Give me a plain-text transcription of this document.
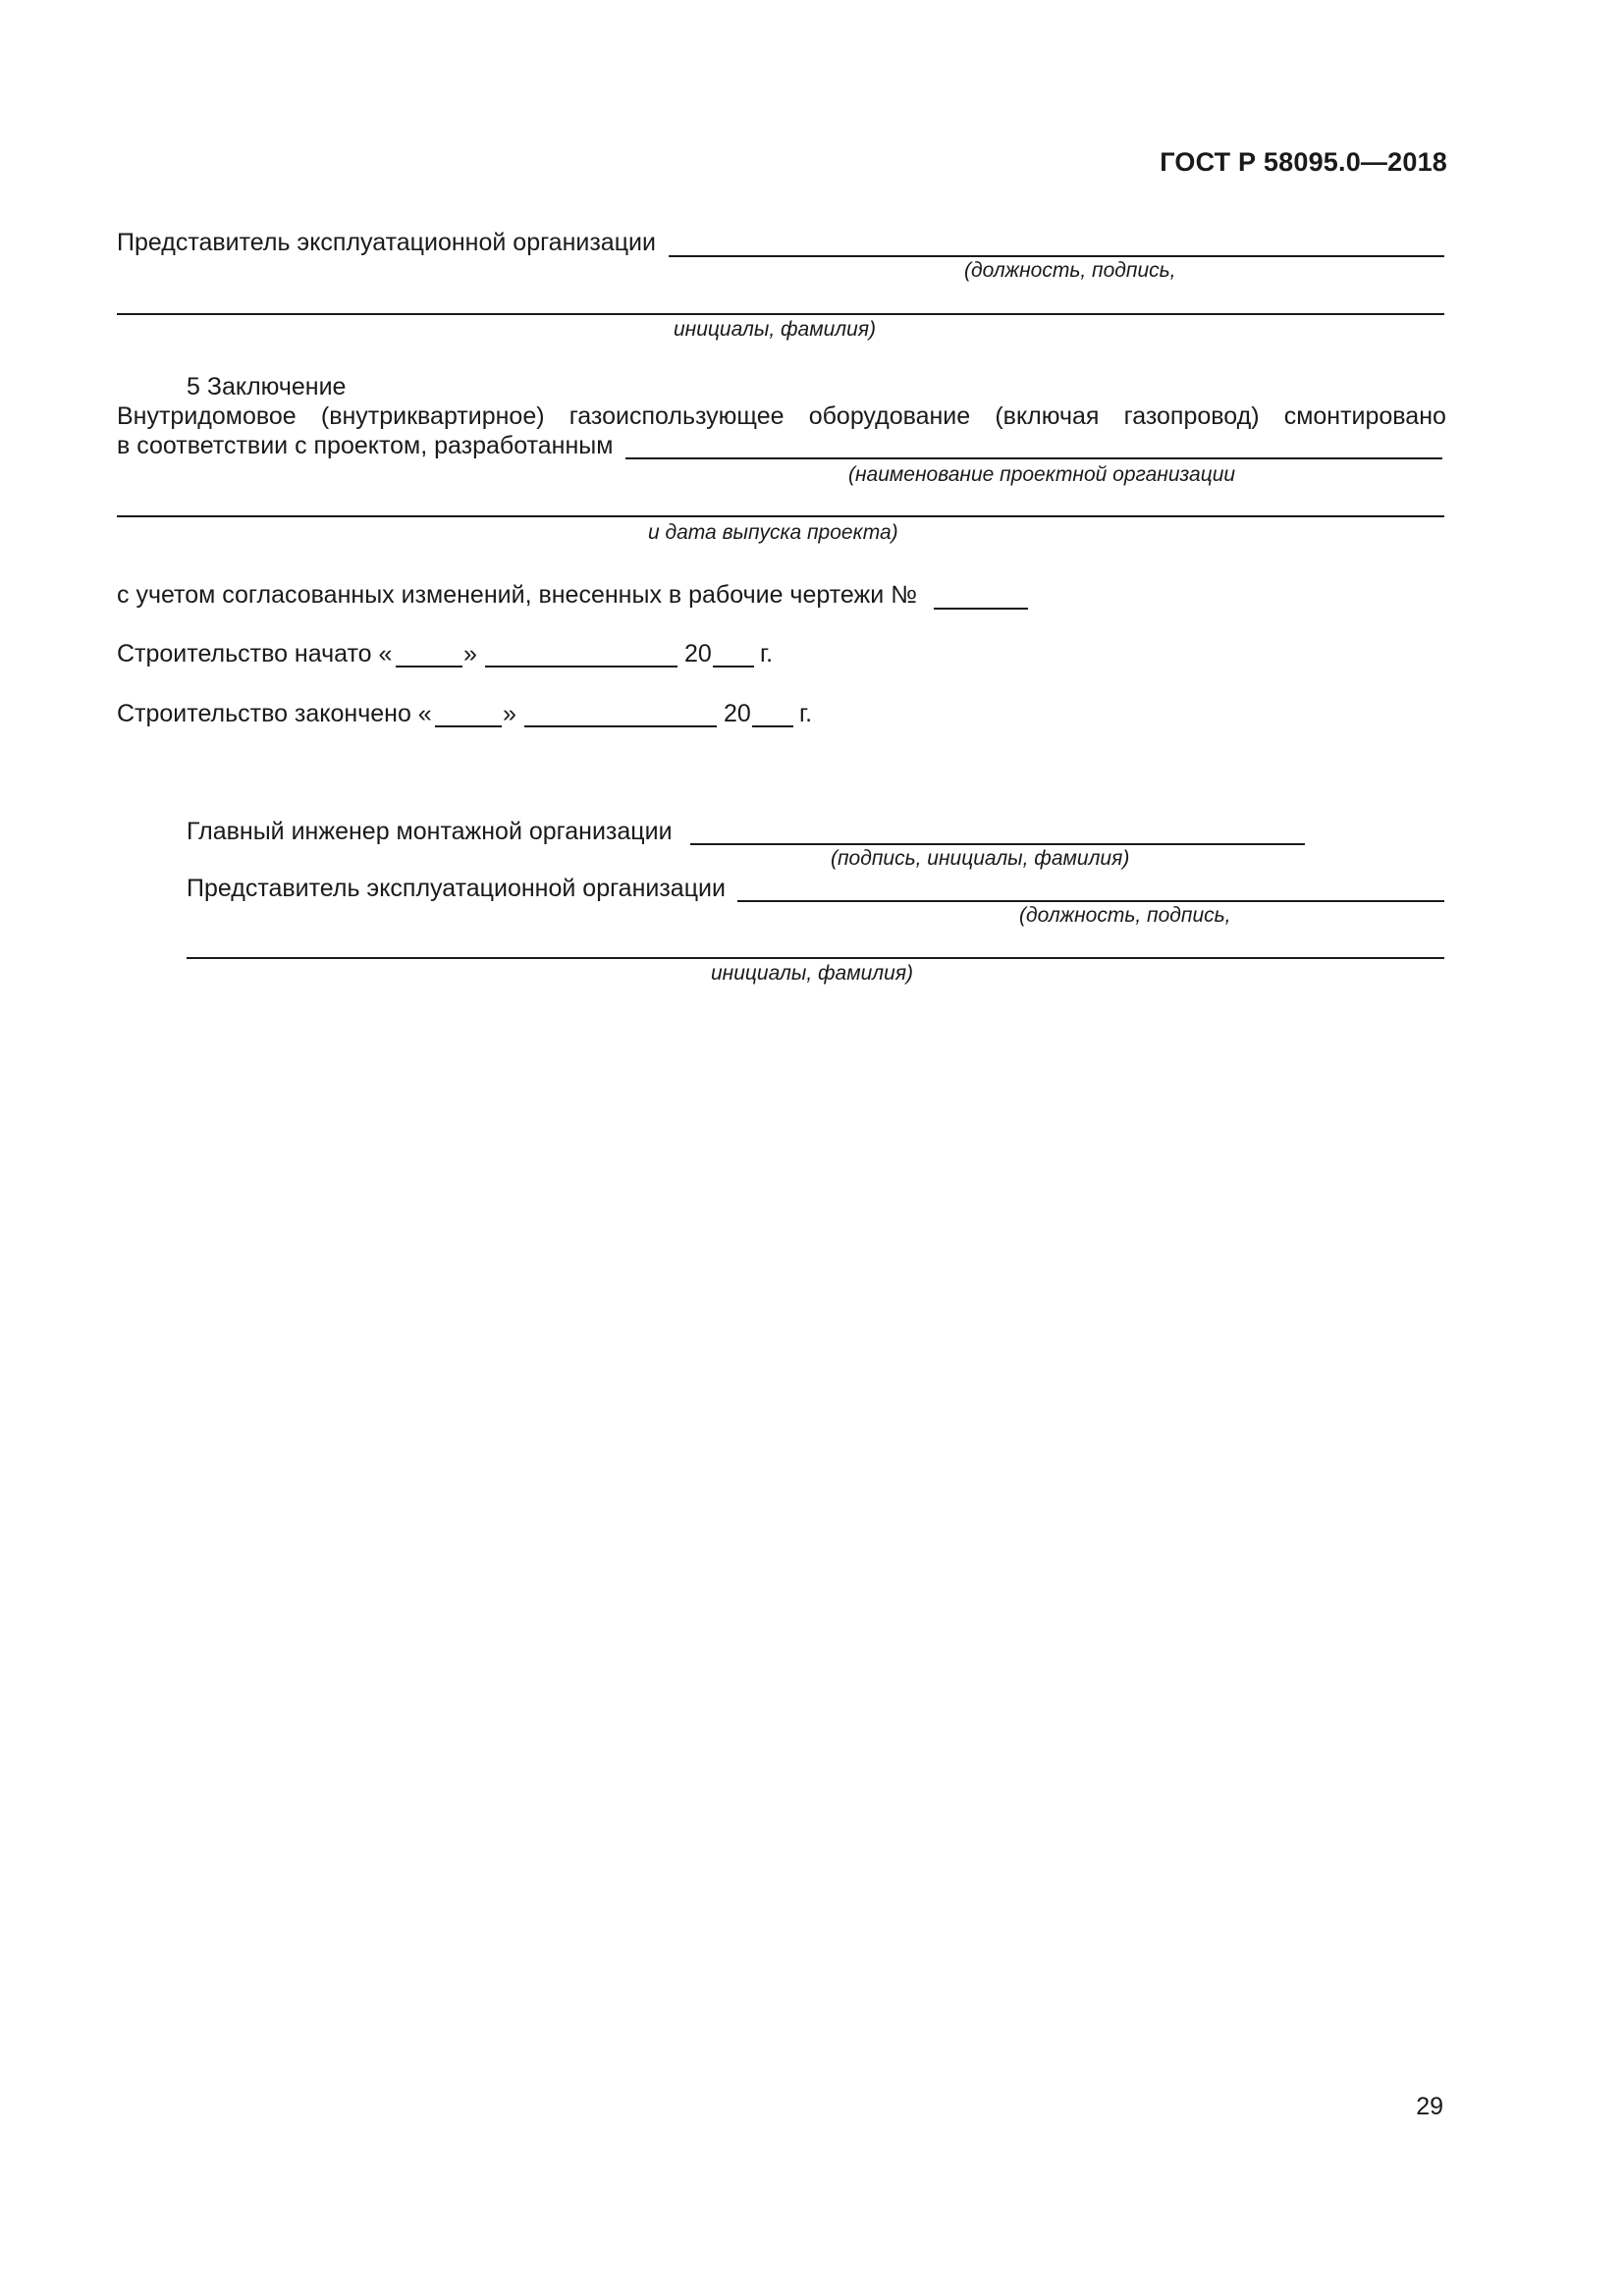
ГОСТ Р 58095.0—2018
Представитель эксплуатационной организации
(должность, подпись,
инициалы, фамилия)
5 Заключение
Внутридомовое (внутриквартирное) газоиспользующее оборудование (включая газопровод) смонтировано
в соответствии с проектом, разработанным
(наименование проектной организации
и дата выпуска проекта)
с учетом согласованных изменений, внесенных в рабочие чертежи №
Строительство начато «	»	20 г.
Строительство закончено «	»	20 г.
Главный инженер монтажной организации
(подпись, инициалы, фамилия)
Представитель эксплуатационной организации
(должность, подпись,
инициалы, фамилия)
29
